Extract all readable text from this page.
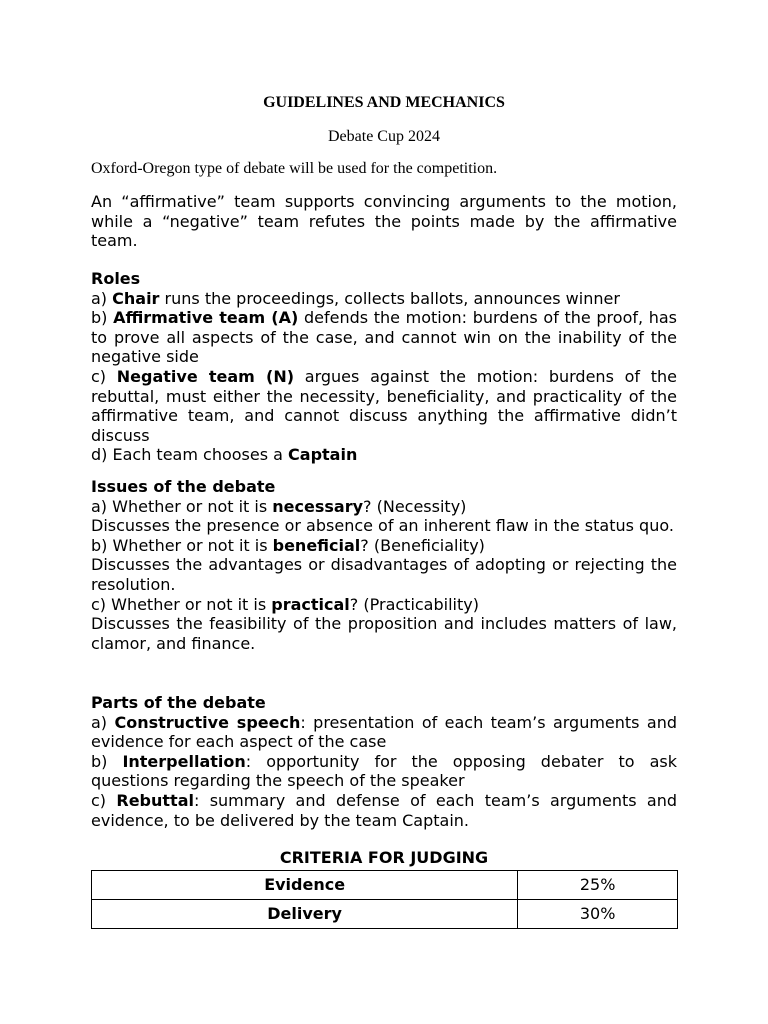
GUIDELINES AND MECHANICS

Debate Cup 2024

Oxford-Oregon type of debate will be used for the competition.

An “affirmative” team supports convincing arguments to the motion, while a “negative” team refutes the points made by the affirmative team.

Roles
a) Chair runs the proceedings, collects ballots, announces winner
b) Affirmative team (A) defends the motion: burdens of the proof, has to prove all aspects of the case, and cannot win on the inability of the negative side
c) Negative team (N) argues against the motion: burdens of the rebuttal, must either the necessity, beneficiality, and practicality of the affirmative team, and cannot discuss anything the affirmative didn’t discuss
d) Each team chooses a Captain
Issues of the debate
a) Whether or not it is necessary? (Necessity)
Discusses the presence or absence of an inherent flaw in the status quo.
b) Whether or not it is beneficial? (Beneficiality)
Discusses the advantages or disadvantages of adopting or rejecting the resolution.
c) Whether or not it is practical? (Practicability)
Discusses the feasibility of the proposition and includes matters of law, clamor, and finance.
Parts of the debate
a) Constructive speech: presentation of each team’s arguments and evidence for each aspect of the case
b) Interpellation: opportunity for the opposing debater to ask questions regarding the speech of the speaker
c) Rebuttal: summary and defense of each team’s arguments and evidence, to be delivered by the team Captain.

CRITERIA FOR JUDGING

Evidence	25%
Delivery	30%
